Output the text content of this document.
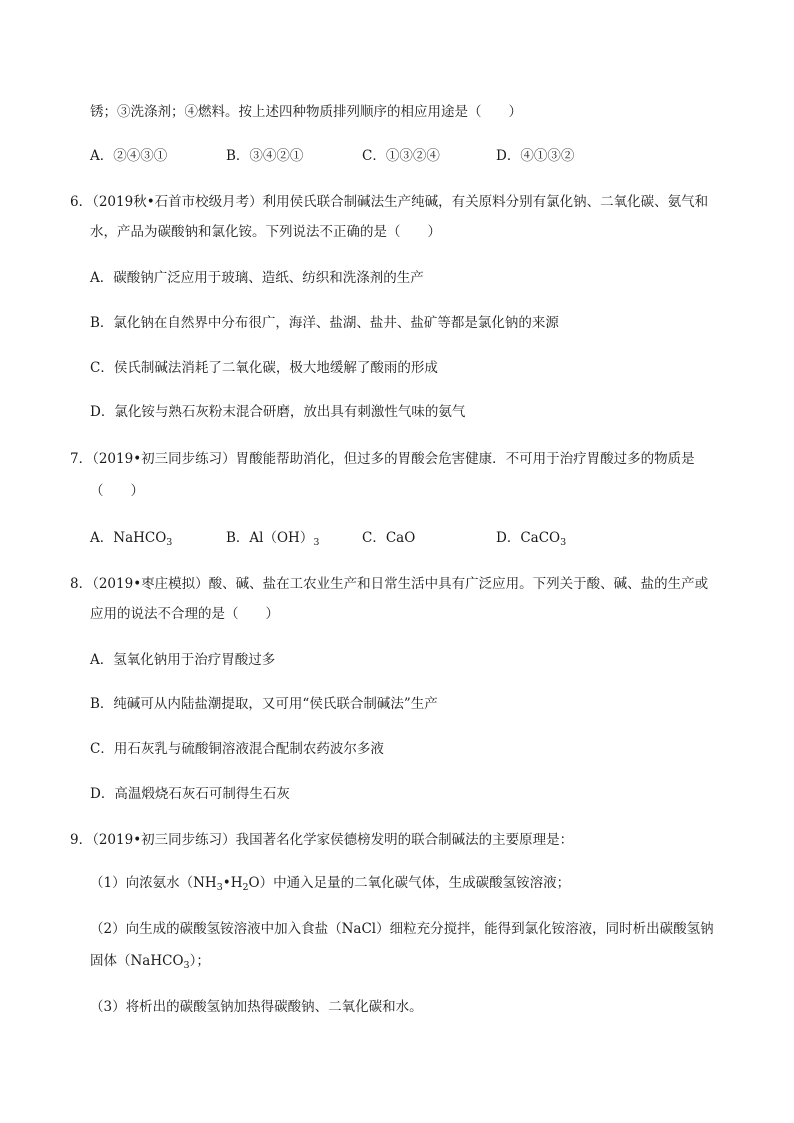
锈；③洗涤剂；④燃料。按上述四种物质排列顺序的相应用途是（　　）
A．②④③①	B．③④②①	C．①③②④	D．④①③②
6．（2019秋•石首市校级月考）利用侯氏联合制碱法生产纯碱，有关原料分别有氯化钠、二氧化碳、氨气和
水，产品为碳酸钠和氯化铵。下列说法不正确的是（　　）
A．碳酸钠广泛应用于玻璃、造纸、纺织和洗涤剂的生产
B．氯化钠在自然界中分布很广，海洋、盐湖、盐井、盐矿等都是氯化钠的来源
C．侯氏制碱法消耗了二氧化碳，极大地缓解了酸雨的形成
D．氯化铵与熟石灰粉末混合研磨，放出具有刺激性气味的氨气
7．（2019•初三同步练习）胃酸能帮助消化，但过多的胃酸会危害健康．不可用于治疗胃酸过多的物质是
（　　）
A．NaHCO$_3$	B．$Al(OH)_3$	C．CaO	D．CaCO$_3$
8．（2019•枣庄模拟）酸、碱、盐在工农业生产和日常生活中具有广泛应用。下列关于酸、碱、盐的生产或
应用的说法不合理的是（　　）
A．氢氧化钠用于治疗胃酸过多
B．纯碱可从内陆盐潮提取，又可用“侯氏联合制碱法”生产
C．用石灰乳与硫酸铜溶液混合配制农药波尔多液
D．高温煅烧石灰石可制得生石灰
9．（2019•初三同步练习）我国著名化学家侯德榜发明的联合制碱法的主要原理是：
（1）向浓氨水$(NH_3•H_2O)$中通入足量的二氧化碳气体，生成碳酸氢铵溶液；
（2）向生成的碳酸氢铵溶液中加入食盐（NaCl）细粒充分搅拌，能得到氯化铵溶液，同时析出碳酸氢钠
固体（NaHCO$_3$）；
（3）将析出的碳酸氢钠加热得碳酸钠、二氧化碳和水。
